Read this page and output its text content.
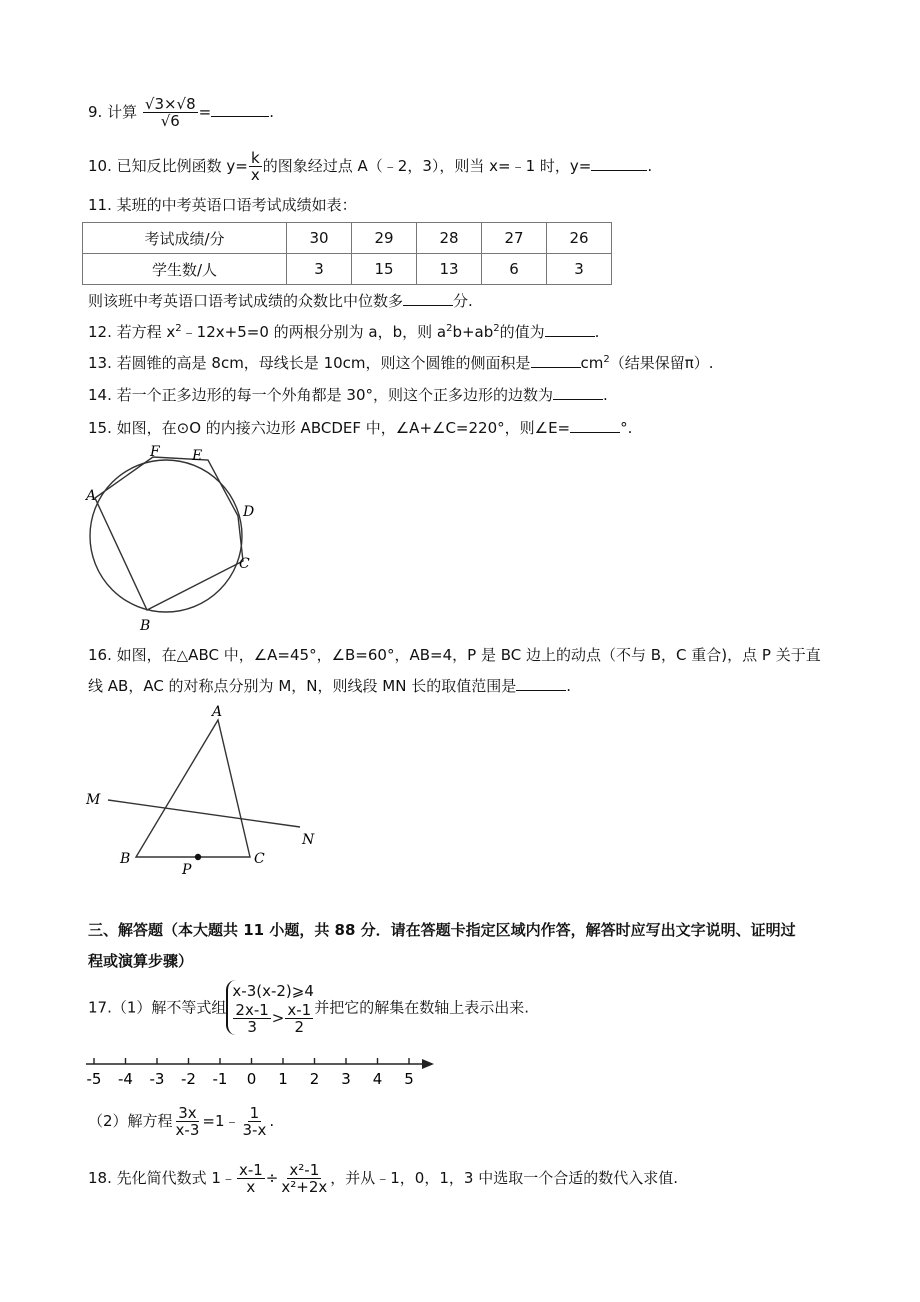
9. 计算 $\frac{√3\times√8}{√6}$ =	.
10. 已知反比例函数 $y= \frac{k}{x}$ 的图象经过点 A（﹣2，3），则当 x=﹣1 时，y=	.
11. 某班的中考英语口语考试成绩如表：
考试成绩/分	30	29	28	27	26
学生数/人	3	15	13	6	3
则该班中考英语口语考试成绩的众数比中位数多	分.
12. 若方程 $x^2﹣12x+5=0$ 的两根分别为 a，b，则 $a^2b+ab^2$的值为	.
13. 若圆锥的高是 8cm，母线长是 10cm，则这个圆锥的侧面积是	$cm^2$（结果保留π）.
14. 若一个正多边形的每一个外角都是 30°，则这个正多边形的边数为	.
15. 如图，在⊙O 的内接六边形 ABCDEF 中，∠A+∠C=220°，则∠E=	°.
F E
A
D
C
B
16. 如图，在△ABC 中，∠A=45°，∠B=60°，AB=4，P 是 BC 边上的动点（不与 B，C 重合)，点 P 关于直
线 AB，AC 的对称点分别为 M，N，则线段 MN 长的取值范围是	.
A
M
N
B
P
C
三、解答题（本大题共 11 小题，共 88 分．请在答题卡指定区域内作答，解答时应写出文字说明、证明过
程或演算步骤）
17.（1）解不等式组
x-3(x-2)⩾4
$\frac{2x-1}{3} > \frac{x-1}{2}$ 并把它的解集在数轴上表示出来.
-5 -4 -3 -2 -1 0 1 2 3 4 5
（2）解方程 $\frac{3x}{x-3}$ =1﹣ $\frac{1}{3-x}$ .
18. 先化简代数式 1﹣ $\frac{x-1}{x} \div \frac{\text{x²-1}}{\text{x²+2x}}$ ，并从﹣1，0，1，3 中选取一个合适的数代入求值.
